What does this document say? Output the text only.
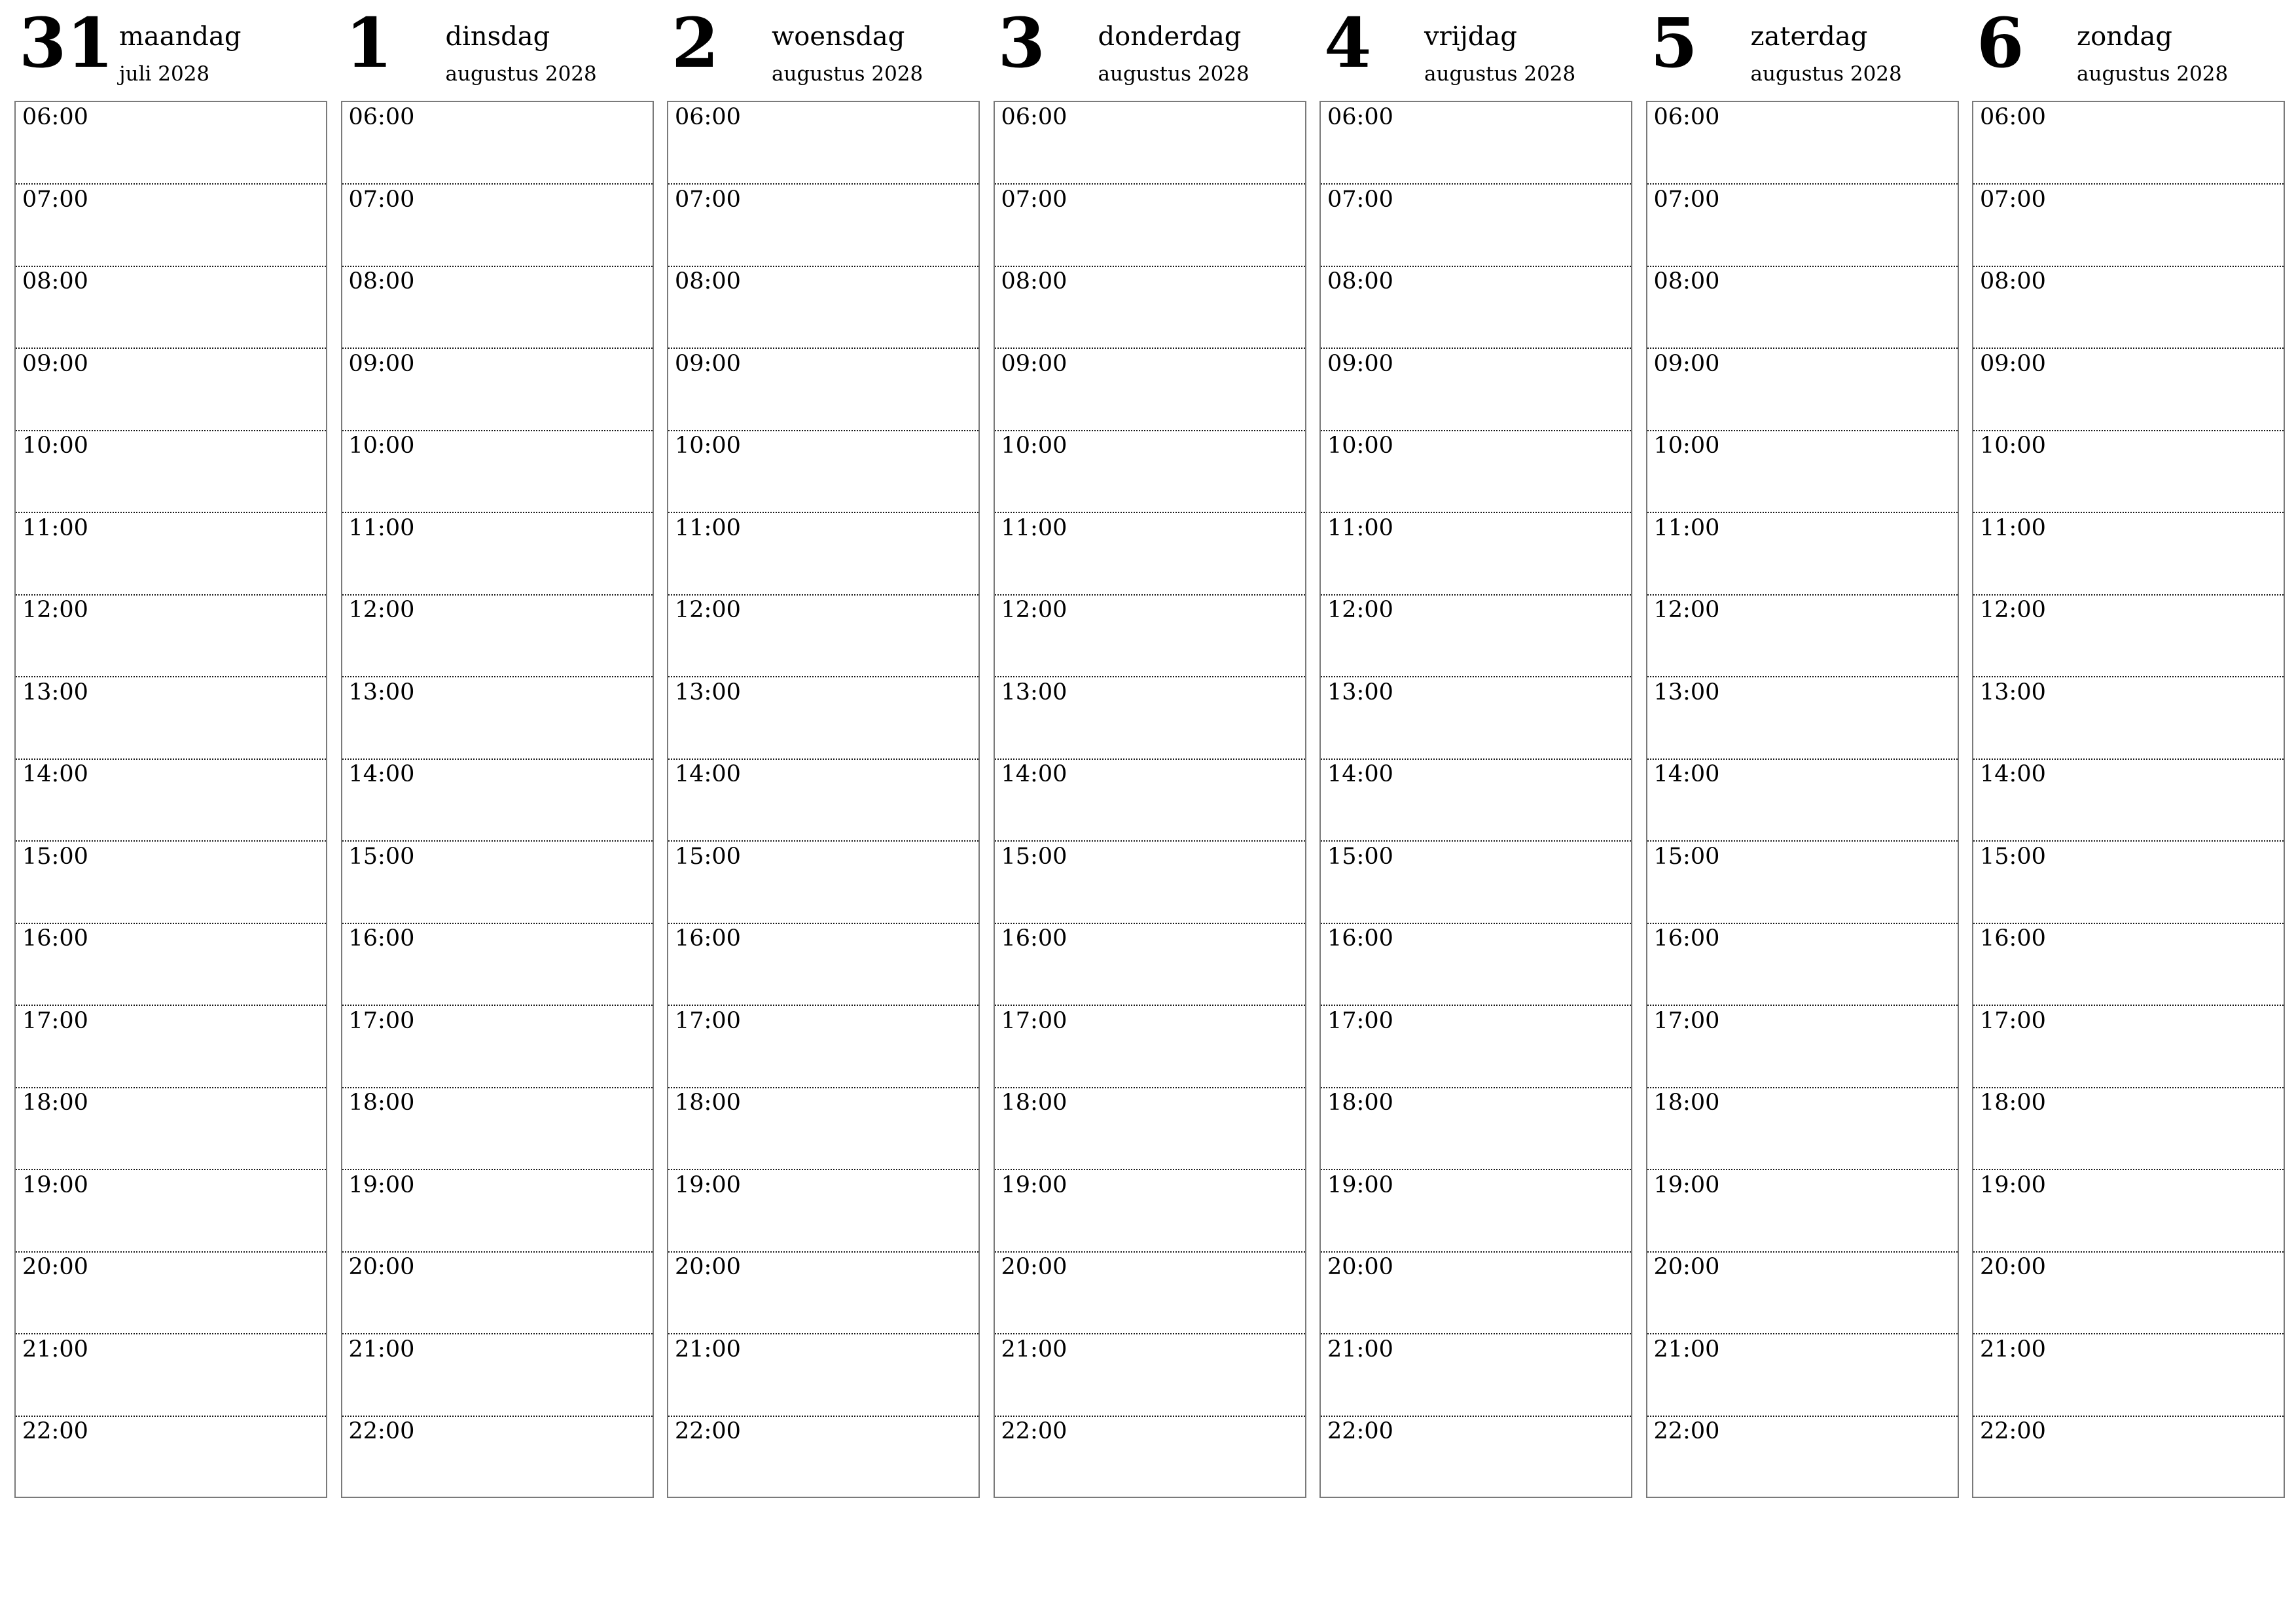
31 maandag
juli 2028
06:00
07:00
08:00
09:00
10:00
11:00
12:00
13:00
14:00
15:00
16:00
17:00
18:00
19:00
20:00
21:00
22:00
1 dinsdag
augustus 2028
06:00
07:00
08:00
09:00
10:00
11:00
12:00
13:00
14:00
15:00
16:00
17:00
18:00
19:00
20:00
21:00
22:00
2 woensdag
augustus 2028
06:00
07:00
08:00
09:00
10:00
11:00
12:00
13:00
14:00
15:00
16:00
17:00
18:00
19:00
20:00
21:00
22:00
3 donderdag
augustus 2028
06:00
07:00
08:00
09:00
10:00
11:00
12:00
13:00
14:00
15:00
16:00
17:00
18:00
19:00
20:00
21:00
22:00
4 vrijdag
augustus 2028
06:00
07:00
08:00
09:00
10:00
11:00
12:00
13:00
14:00
15:00
16:00
17:00
18:00
19:00
20:00
21:00
22:00
5 zaterdag
augustus 2028
06:00
07:00
08:00
09:00
10:00
11:00
12:00
13:00
14:00
15:00
16:00
17:00
18:00
19:00
20:00
21:00
22:00
6 zondag
augustus 2028
06:00
07:00
08:00
09:00
10:00
11:00
12:00
13:00
14:00
15:00
16:00
17:00
18:00
19:00
20:00
21:00
22:00
